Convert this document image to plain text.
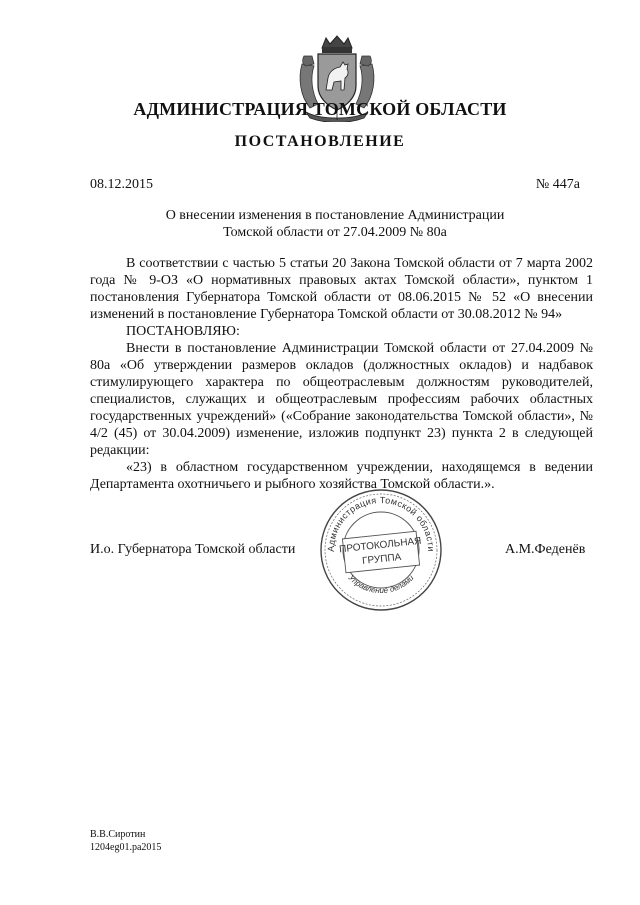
АДМИНИСТРАЦИЯ ТОМСКОЙ ОБЛАСТИ
ПОСТАНОВЛЕНИЕ
08.12.2015	№ 447а
О внесении изменения в постановление Администрации
Томской области от 27.04.2009 № 80а

В соответствии с частью 5 статьи 20 Закона Томской области от 7 марта 2002 года № 9-ОЗ «О нормативных правовых актах Томской области», пунктом 1 постановления Губернатора Томской области от 08.06.2015 № 52 «О внесении изменений в постановление Губернатора Томской области от 30.08.2012 № 94»

ПОСТАНОВЛЯЮ:

Внести в постановление Администрации Томской области от 27.04.2009 № 80а «Об утверждении размеров окладов (должностных окладов) и надбавок стимулирующего характера по общеотраслевым должностям руководителей, специалистов, служащих и общеотраслевым профессиям рабочих областных государственных учреждений» («Собрание законодательства Томской области», № 4/2 (45) от 30.04.2009) изменение, изложив подпункт 23) пункта 2 в следующей редакции:

«23) в областном государственном учреждении, находящемся в ведении Департамента охотничьего и рыбного хозяйства Томской области.».

И.о. Губернатора Томской области	Администрация Томской области
Управление делами
ПРОТОКОЛЬНАЯ
ГРУППА
А.М.Феденёв
В.В.Сиротин
1204eg01.pa2015
